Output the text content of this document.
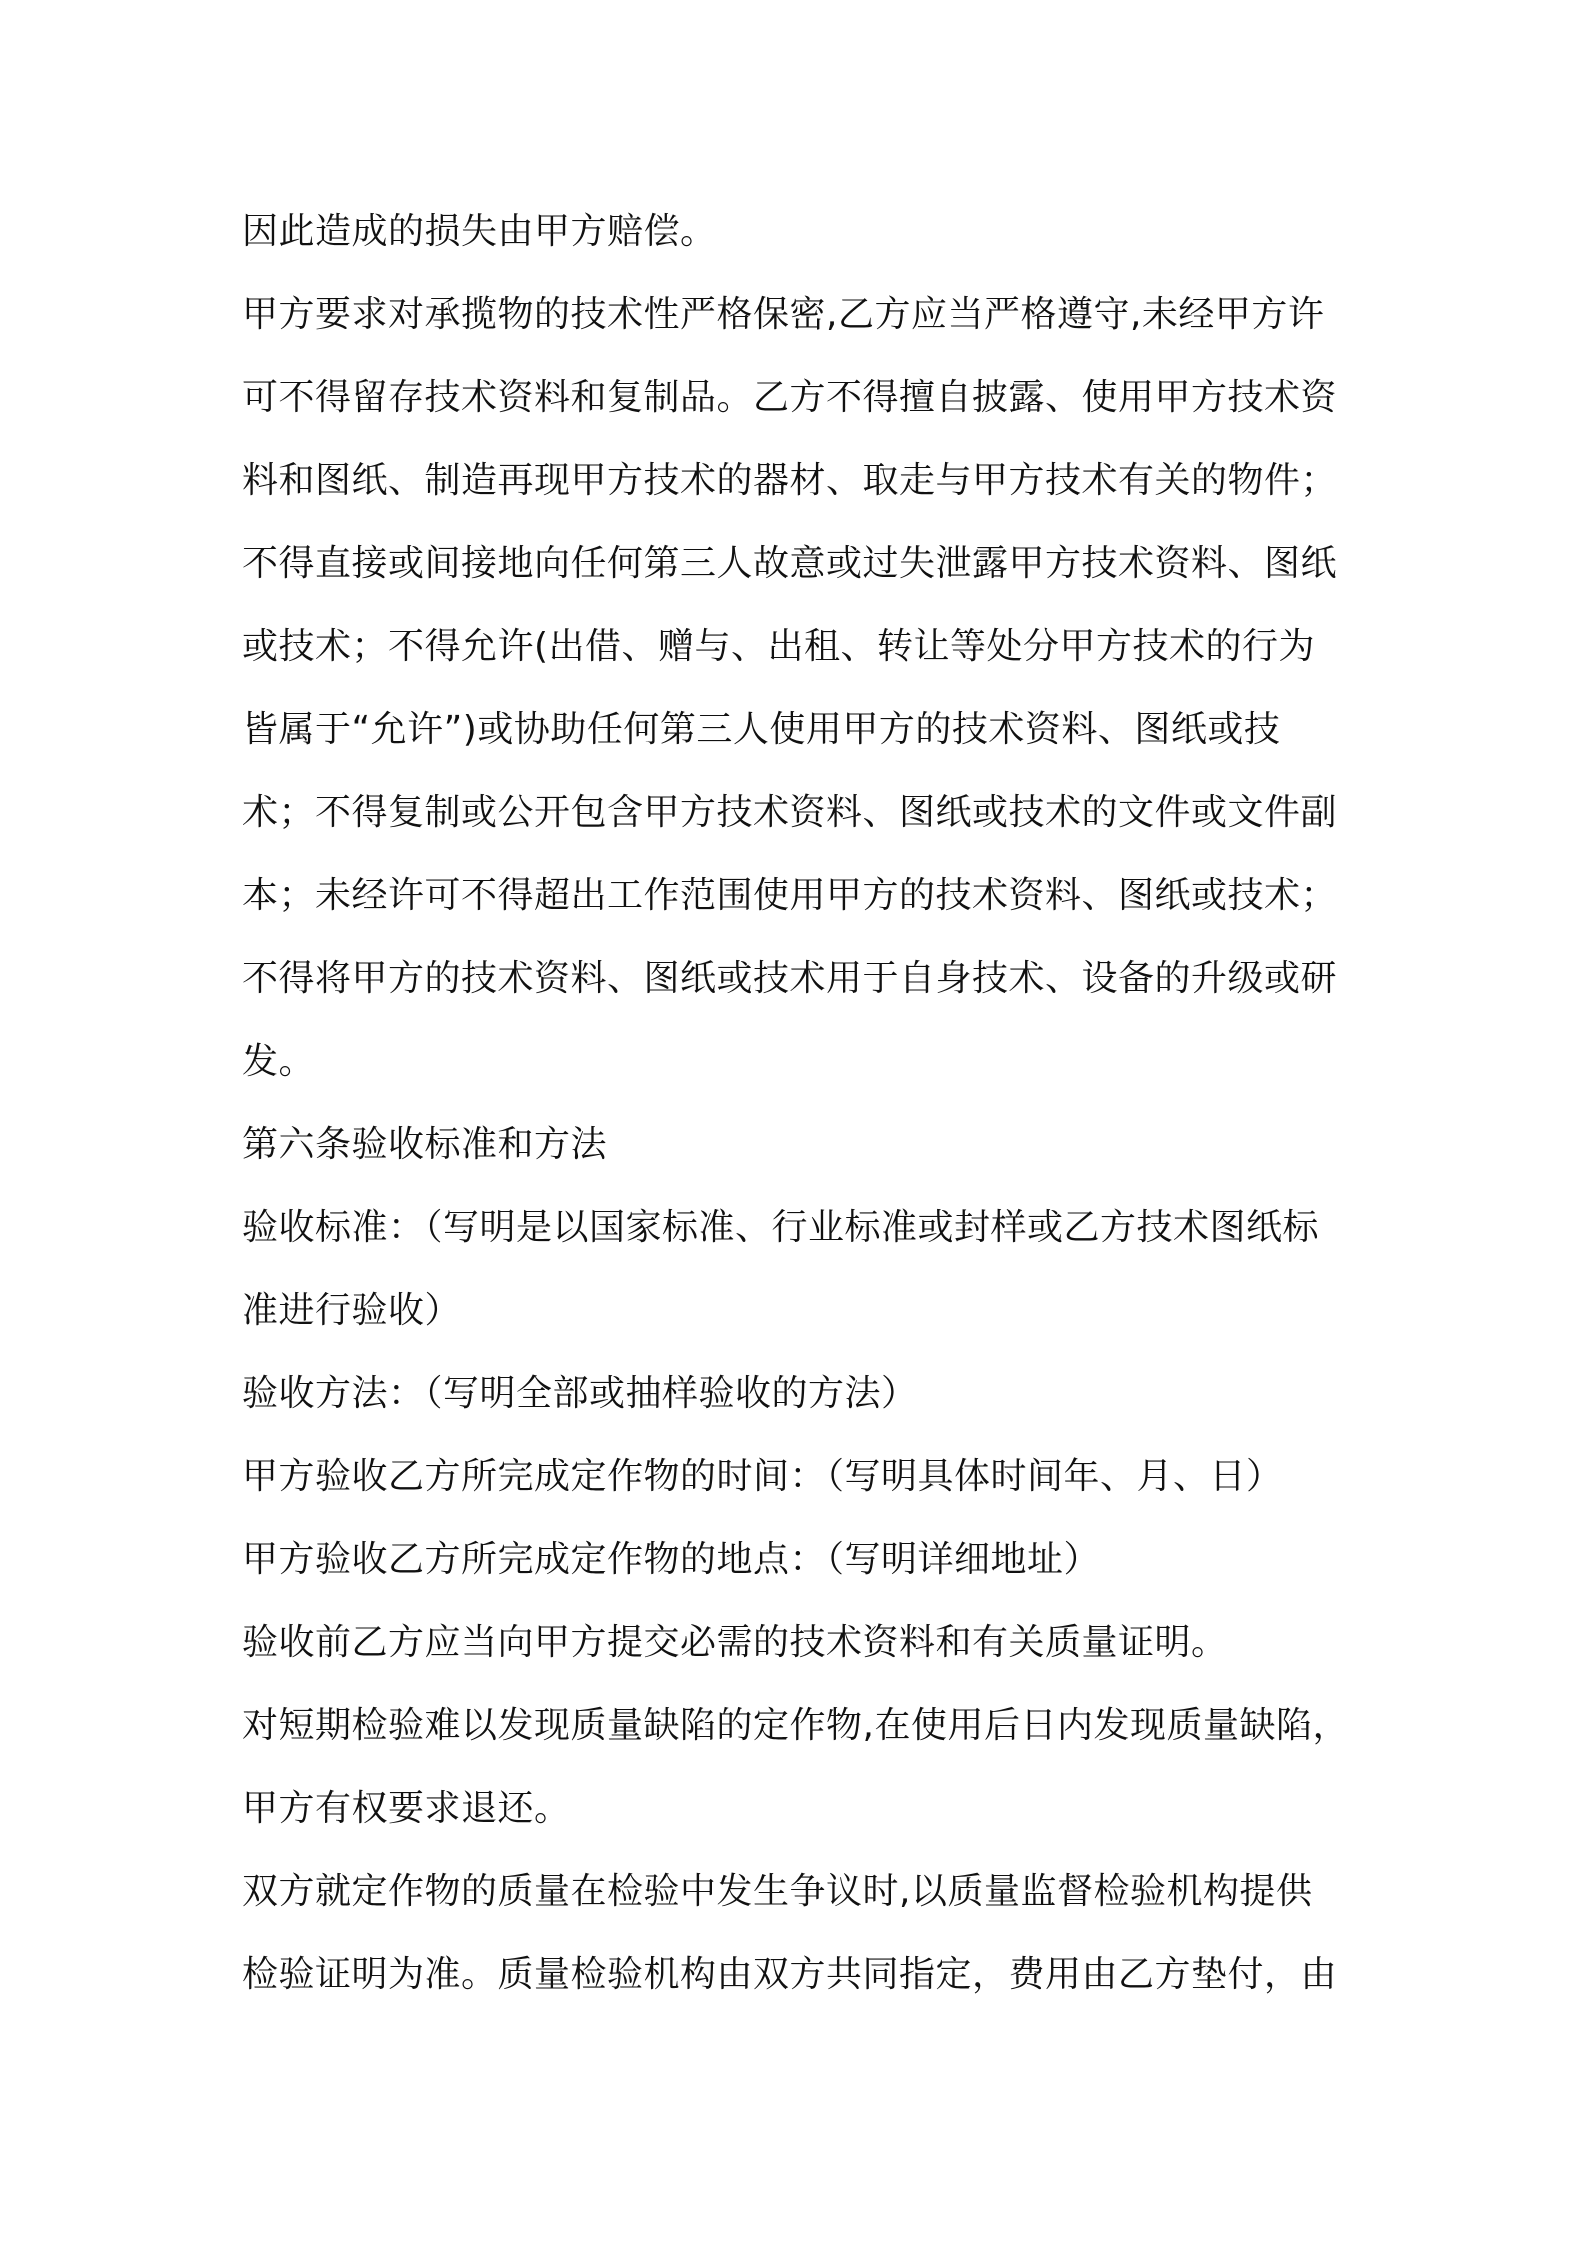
因此造成的损失由甲方赔偿。
甲方要求对承揽物的技术性严格保密,乙方应当严格遵守,未经甲方许
可不得留存技术资料和复制品。乙方不得擅自披露、使用甲方技术资
料和图纸、制造再现甲方技术的器材、取走与甲方技术有关的物件；
不得直接或间接地向任何第三人故意或过失泄露甲方技术资料、图纸
或技术；不得允许(出借、赠与、出租、转让等处分甲方技术的行为
皆属于“允许”)或协助任何第三人使用甲方的技术资料、图纸或技
术；不得复制或公开包含甲方技术资料、图纸或技术的文件或文件副
本；未经许可不得超出工作范围使用甲方的技术资料、图纸或技术；
不得将甲方的技术资料、图纸或技术用于自身技术、设备的升级或研
发。
第六条验收标准和方法
验收标准：（写明是以国家标准、行业标准或封样或乙方技术图纸标
准进行验收）
验收方法：（写明全部或抽样验收的方法）
甲方验收乙方所完成定作物的时间：（写明具体时间年、月、日）
甲方验收乙方所完成定作物的地点：（写明详细地址）
验收前乙方应当向甲方提交必需的技术资料和有关质量证明。
对短期检验难以发现质量缺陷的定作物,在使用后日内发现质量缺陷，
甲方有权要求退还。
双方就定作物的质量在检验中发生争议时,以质量监督检验机构提供
检验证明为准。质量检验机构由双方共同指定，费用由乙方垫付，由
